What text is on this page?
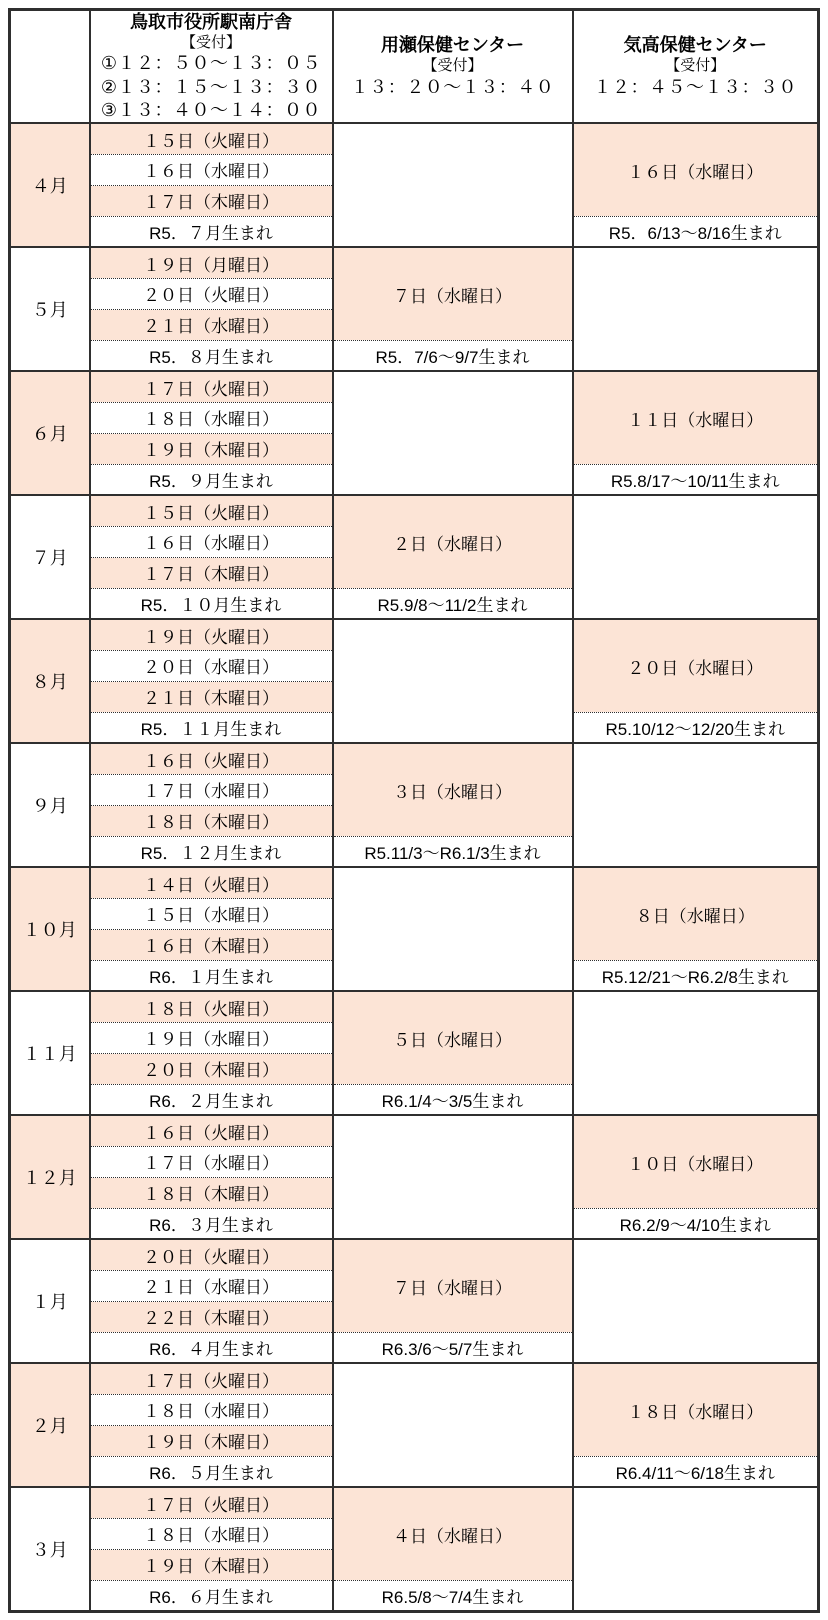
鳥取市役所駅南庁舎
【受付】
①１２：５０～１３：０５
②１３：１５～１３：３０
③１３：４０～１４：００

用瀬保健センター
【受付】
１３：２０～１３：４０

気高保健センター
【受付】
１２：４５～１３：３０

４月	１５日（火曜日）		１６日（水曜日）
	１６日（水曜日）		
	１７日（木曜日）		
	R5．７月生まれ		R5．6/13～8/16生まれ
５月	１９日（月曜日）	７日（水曜日）	
	２０日（火曜日）		
	２１日（水曜日）		
	R5．８月生まれ	R5．7/6～9/7生まれ	
６月	１７日（火曜日）		１１日（水曜日）
	１８日（水曜日）		
	１９日（木曜日）		
	R5．９月生まれ		R5.8/17～10/11生まれ
７月	１５日（火曜日）	２日（水曜日）	
	１６日（水曜日）		
	１７日（木曜日）		
	R5．１０月生まれ	R5.9/8～11/2生まれ	
８月	１９日（火曜日）		２０日（水曜日）
	２０日（水曜日）		
	２１日（木曜日）		
	R5．１１月生まれ		R5.10/12～12/20生まれ
９月	１６日（火曜日）	３日（水曜日）	
	１７日（水曜日）		
	１８日（木曜日）		
	R5．１２月生まれ	R5.11/3～R6.1/3生まれ	
１０月	１４日（火曜日）		８日（水曜日）
	１５日（水曜日）		
	１６日（木曜日）		
	R6．１月生まれ		R5.12/21～R6.2/8生まれ
１１月	１８日（火曜日）	５日（水曜日）	
	１９日（水曜日）		
	２０日（木曜日）		
	R6．２月生まれ	R6.1/4～3/5生まれ	
１２月	１６日（火曜日）		１０日（水曜日）
	１７日（水曜日）		
	１８日（木曜日）		
	R6．３月生まれ		R6.2/9～4/10生まれ
１月	２０日（火曜日）	７日（水曜日）	
	２１日（水曜日）		
	２２日（木曜日）		
	R6．４月生まれ	R6.3/6～5/7生まれ	
２月	１７日（火曜日）		１８日（水曜日）
	１８日（水曜日）		
	１９日（木曜日）		
	R6．５月生まれ		R6.4/11～6/18生まれ
３月	１７日（火曜日）	４日（水曜日）	
	１８日（水曜日）		
	１９日（木曜日）		
	R6．６月生まれ	R6.5/8～7/4生まれ	
